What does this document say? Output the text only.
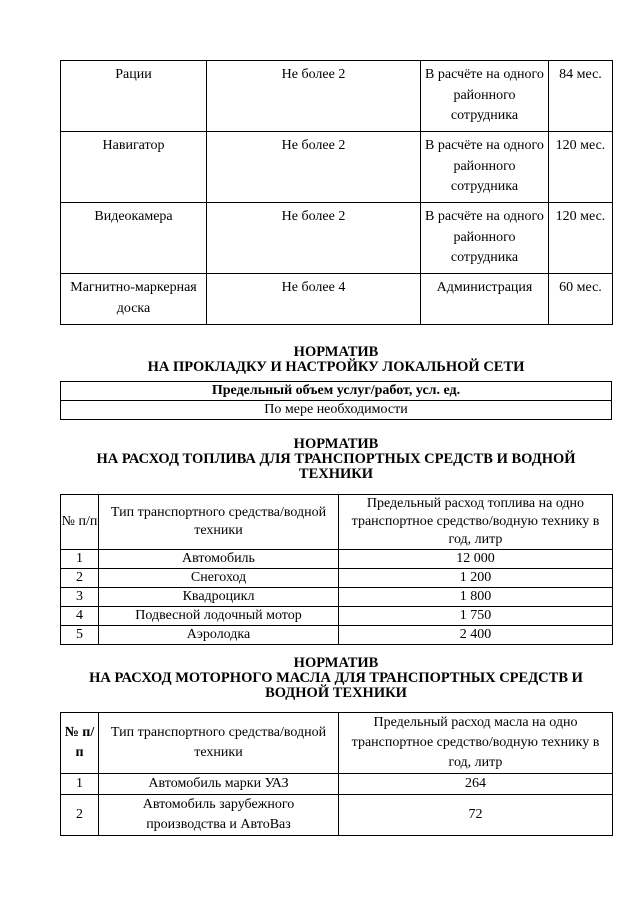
Рации	Не более 2	В расчёте на одного районного сотрудника	84 мес.
Навигатор	Не более 2	В расчёте на одного районного сотрудника	120 мес.
Видеокамера	Не более 2	В расчёте на одного районного сотрудника	120 мес.
Магнитно-маркерная доска	Не более 4	Администрация	60 мес.
НОРМАТИВ
НА ПРОКЛАДКУ И НАСТРОЙКУ ЛОКАЛЬНОЙ СЕТИ
Предельный объем услуг/работ, усл. ед.
По мере необходимости
НОРМАТИВ
НА РАСХОД ТОПЛИВА ДЛЯ ТРАНСПОРТНЫХ СРЕДСТВ И ВОДНОЙ
ТЕХНИКИ
№ п/п	Тип транспортного средства/водной техники	Предельный расход топлива на одно транспортное средство/водную технику в год, литр
1	Автомобиль	12 000
2	Снегоход	1 200
3	Квадроцикл	1 800
4	Подвесной лодочный мотор	1 750
5	Аэролодка	2 400
НОРМАТИВ
НА РАСХОД МОТОРНОГО МАСЛА ДЛЯ ТРАНСПОРТНЫХ СРЕДСТВ И
ВОДНОЙ ТЕХНИКИ
№ п/п	Тип транспортного средства/водной техники	Предельный расход масла на одно транспортное средство/водную технику в год, литр
1	Автомобиль марки УАЗ	264
2	Автомобиль зарубежного производства и АвтоВаз	72
